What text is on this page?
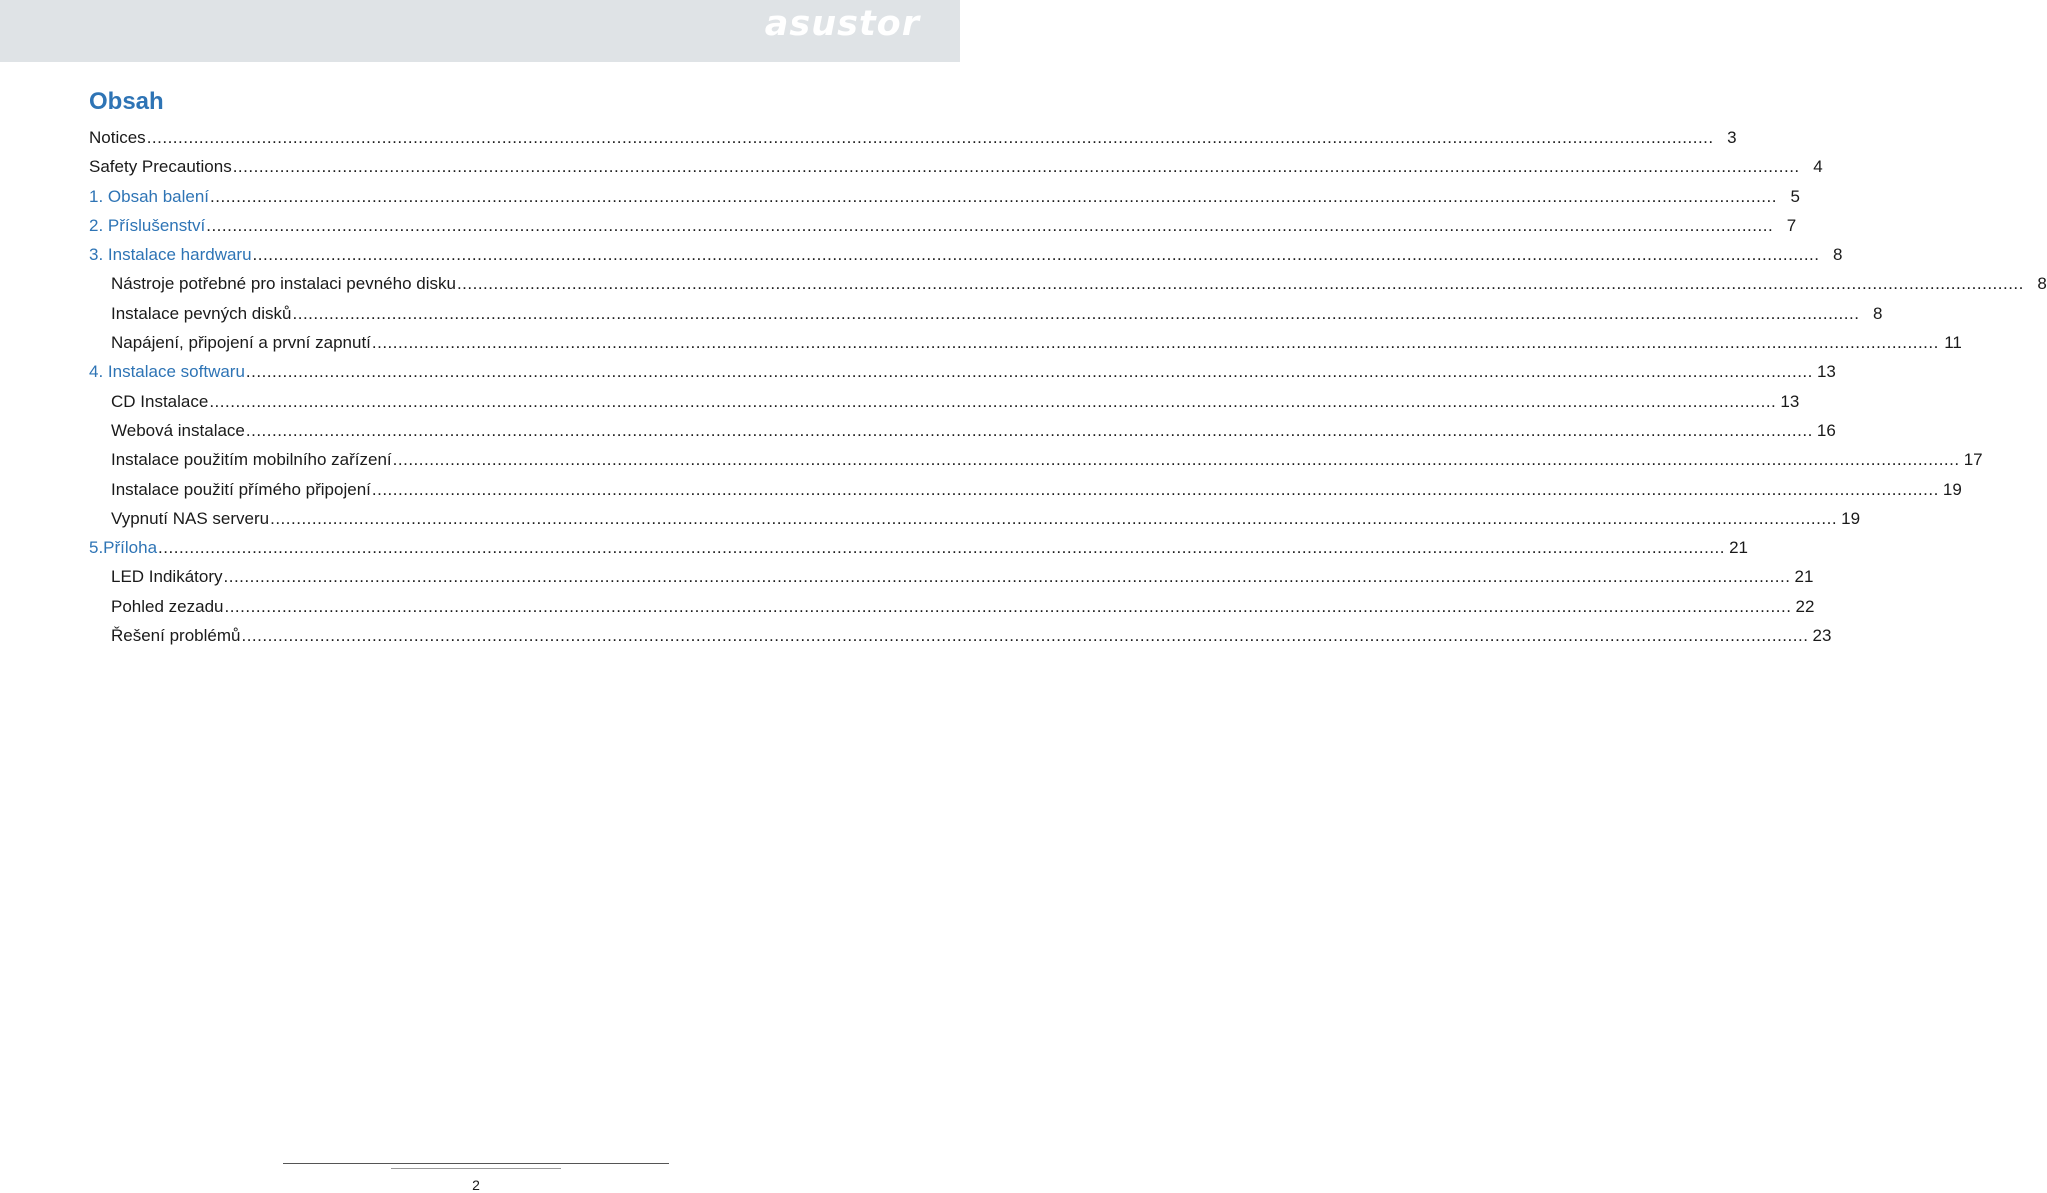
asustor
Obsah
Notices ............................................................................................................................................................................................................................................................................................................ 3
Safety Precautions ............................................................................................................................................................................................................................................................................................................ 4
1. Obsah balení ............................................................................................................................................................................................................................................................................................................ 5
2. Příslušenství ............................................................................................................................................................................................................................................................................................................ 7
3. Instalace hardwaru ............................................................................................................................................................................................................................................................................................................ 8
Nástroje potřebné pro instalaci pevného disku ............................................................................................................................................................................................................................................................................................................ 8
Instalace pevných disků ............................................................................................................................................................................................................................................................................................................ 8
Napájení, připojení a první zapnutí ............................................................................................................................................................................................................................................................................................................ 11
4. Instalace softwaru ............................................................................................................................................................................................................................................................................................................ 13
CD Instalace ............................................................................................................................................................................................................................................................................................................ 13
Webová instalace ............................................................................................................................................................................................................................................................................................................ 16
Instalace použitím mobilního zařízení ............................................................................................................................................................................................................................................................................................................ 17
Instalace použití přímého připojení ............................................................................................................................................................................................................................................................................................................ 19
Vypnutí NAS serveru ............................................................................................................................................................................................................................................................................................................ 19
5.Příloha ............................................................................................................................................................................................................................................................................................................ 21
LED Indikátory ............................................................................................................................................................................................................................................................................................................ 21
Pohled zezadu ............................................................................................................................................................................................................................................................................................................ 22
Řešení problémů ............................................................................................................................................................................................................................................................................................................ 23
2
